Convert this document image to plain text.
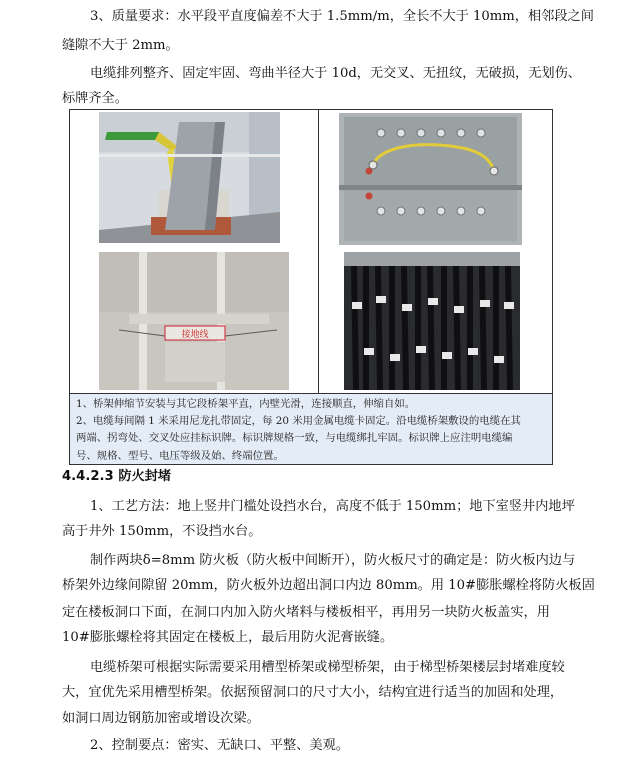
3、质量要求：水平段平直度偏差不大于 1.5mm/m，全长不大于 10mm，相邻段之间
缝隙不大于 2mm。
电缆排列整齐、固定牢固、弯曲半径大于 10d，无交叉、无扭纹，无破损，无划伤、
标牌齐全。
接地线
1、桥架伸缩节安装与其它段桥架平直，内壁光滑，连接顺直，伸缩自如。
2、电缆每间隔 1 米采用尼龙扎带固定，每 20 米用金属电缆卡固定。沿电缆桥架敷设的电缆在其
两端、拐弯处、交叉处应挂标识牌。标识牌规格一致，与电缆绑扎牢固。标识牌上应注明电缆编
号、规格、型号、电压等级及始、终端位置。
4.4.2.3 防火封堵
1、工艺方法：地上竖井门槛处设挡水台，高度不低于 150mm；地下室竖井内地坪
高于井外 150mm，不设挡水台。
制作两块δ=8mm 防火板（防火板中间断开），防火板尺寸的确定是：防火板内边与
桥架外边缘间隙留 20mm，防火板外边超出洞口内边 80mm。用 10#膨胀螺栓将防火板固
定在楼板洞口下面，在洞口内加入防火堵料与楼板相平，再用另一块防火板盖实，用
10#膨胀螺栓将其固定在楼板上，最后用防火泥膏嵌缝。
电缆桥架可根据实际需要采用槽型桥架或梯型桥架，由于梯型桥架楼层封堵难度较
大，宜优先采用槽型桥架。依据预留洞口的尺寸大小，结构宜进行适当的加固和处理，
如洞口周边钢筋加密或增设次梁。
2、控制要点：密实、无缺口、平整、美观。
